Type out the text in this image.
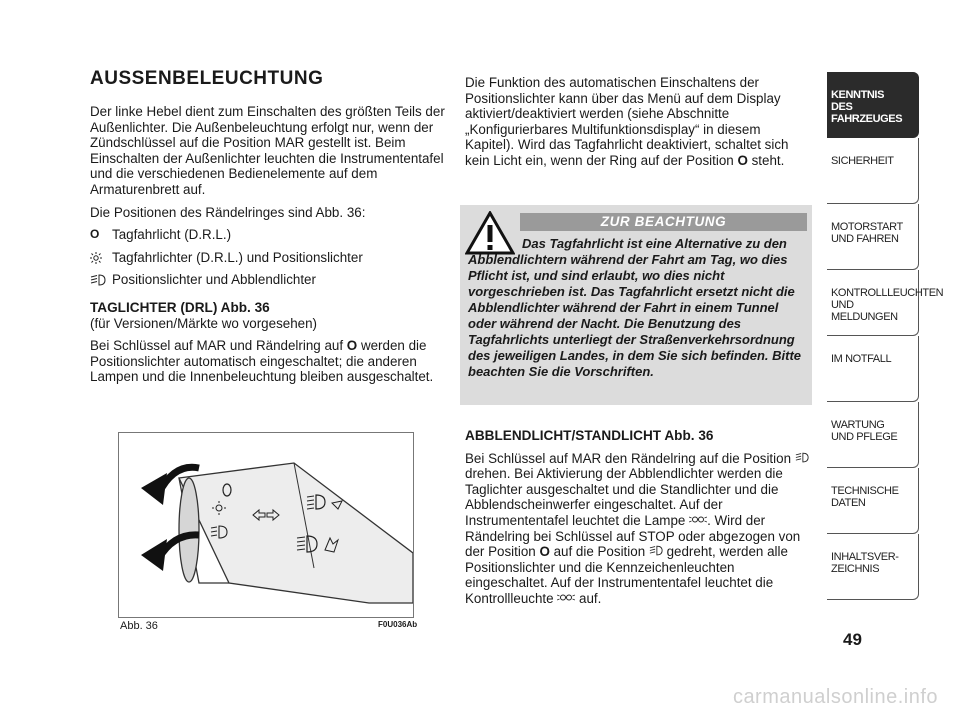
AUSSENBELEUCHTUNG

Der linke Hebel dient zum Einschalten des größten Teils der Außenlichter. Die Außenbeleuchtung erfolgt nur, wenn der Zündschlüssel auf die Position MAR gestellt ist. Beim Einschalten der Außenlichter leuchten die Instrumententafel und die verschiedenen Bedienelemente auf dem Armaturenbrett auf.

Die Positionen des Rändelringes sind Abb. 36:

O Tagfahrlicht (D.R.L.)
Tagfahrlichter (D.R.L.) und Positionslichter
Positionslichter und Abblendlichter
TAGLICHTER (DRL) Abb. 36

(für Versionen/Märkte wo vorgesehen)

Bei Schlüssel auf MAR und Rändelring auf O werden die Positionslichter automatisch eingeschaltet; die anderen Lampen und die Innenbeleuchtung bleiben ausgeschaltet.

Abb. 36	F0U036Ab

Die Funktion des automatischen Einschaltens der Positionslichter kann über das Menü auf dem Display aktiviert/deaktiviert werden (siehe Abschnitte „Konfigurierbares Multifunktionsdisplay“ in diesem Kapitel). Wird das Tagfahrlicht deaktiviert, schaltet sich kein Licht ein, wenn der Ring auf der Position O steht.

ZUR BEACHTUNG
Das Tagfahrlicht ist eine Alternative zu den Abblendlichtern während der Fahrt am Tag, wo dies Pflicht ist, und sind erlaubt, wo dies nicht vorgeschrieben ist. Das Tagfahrlicht ersetzt nicht die Abblendlichter während der Fahrt in einem Tunnel oder während der Nacht. Die Benutzung des Tagfahrlichts unterliegt der Straßenverkehrsordnung des jeweiligen Landes, in dem Sie sich befinden. Bitte beachten Sie die Vorschriften.
ABBLENDLICHT/STANDLICHT Abb. 36

Bei Schlüssel auf MAR den Rändelring auf die Position drehen. Bei Aktivierung der Abblendlichter werden die Taglichter ausgeschaltet und die Standlichter und die Abblendscheinwerfer eingeschaltet. Auf der Instrumententafel leuchtet die Lampe . Wird der Rändelring bei Schlüssel auf STOP oder abgezogen von der Position O auf die Position  gedreht, werden alle Positionslichter und die Kennzeichenleuchten eingeschaltet. Auf der Instrumententafel leuchtet die Kontrollleuchte  auf.

KENNTNIS
DES FAHRZEUGES
SICHERHEIT
MOTORSTART
UND FAHREN
KONTROLLLEUCHTEN
UND MELDUNGEN
IM NOTFALL
WARTUNG
UND PFLEGE
TECHNISCHE
DATEN
INHALTSVER-
ZEICHNIS
49
carmanualsonline.info
